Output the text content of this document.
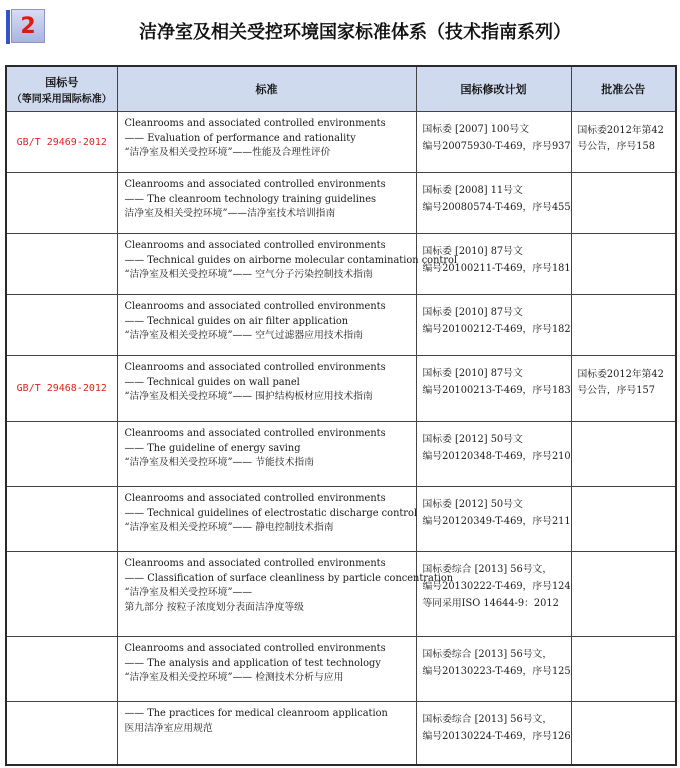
2	洁净室及相关受控环境国家标准体系（技术指南系列）
国标号
（等同采用国际标准）	标准	国标修改计划	批准公告
GB/T 29469-2012	Cleanrooms and associated controlled environments
—— Evaluation of performance and rationality
“洁净室及相关受控环境”——性能及合理性评价	国标委 [2007] 100号文
编号20075930-T-469，序号937	国标委2012年第42
号公告，序号158

	Cleanrooms and associated controlled environments
—— The cleanroom technology training guidelines
洁净室及相关受控环境”——洁净室技术培训指南	国标委 [2008] 11号文
编号20080574-T-469，序号455	

	Cleanrooms and associated controlled environments
—— Technical guides on airborne molecular contamination control
“洁净室及相关受控环境”—— 空气分子污染控制技术指南	国标委 [2010] 87号文
编号20100211-T-469，序号181	

	Cleanrooms and associated controlled environments
—— Technical guides on air filter application
“洁净室及相关受控环境”—— 空气过滤器应用技术指南	国标委 [2010] 87号文
编号20100212-T-469，序号182	

GB/T 29468-2012	Cleanrooms and associated controlled environments
—— Technical guides on wall panel
“洁净室及相关受控环境”—— 围护结构板材应用技术指南	国标委 [2010] 87号文
编号20100213-T-469，序号183	国标委2012年第42
号公告，序号157

	Cleanrooms and associated controlled environments
—— The guideline of energy saving
“洁净室及相关受控环境”—— 节能技术指南	国标委 [2012] 50号文
编号20120348-T-469，序号210	

	Cleanrooms and associated controlled environments
—— Technical guidelines of electrostatic discharge control
“洁净室及相关受控环境”—— 静电控制技术指南	国标委 [2012] 50号文
编号20120349-T-469，序号211	

	Cleanrooms and associated controlled environments
—— Classification of surface cleanliness by particle concentration
“洁净室及相关受控环境”——
第九部分 按粒子浓度划分表面洁净度等级	国标委综合 [2013] 56号文，
编号20130222-T-469，序号124
等同采用ISO 14644-9：2012	

	Cleanrooms and associated controlled environments
—— The analysis and application of test technology
“洁净室及相关受控环境”—— 检测技术分析与应用	国标委综合 [2013] 56号文，
编号20130223-T-469，序号125	

	—— The practices for medical cleanroom application
医用洁净室应用规范	国标委综合 [2013] 56号文，
编号20130224-T-469，序号126	
